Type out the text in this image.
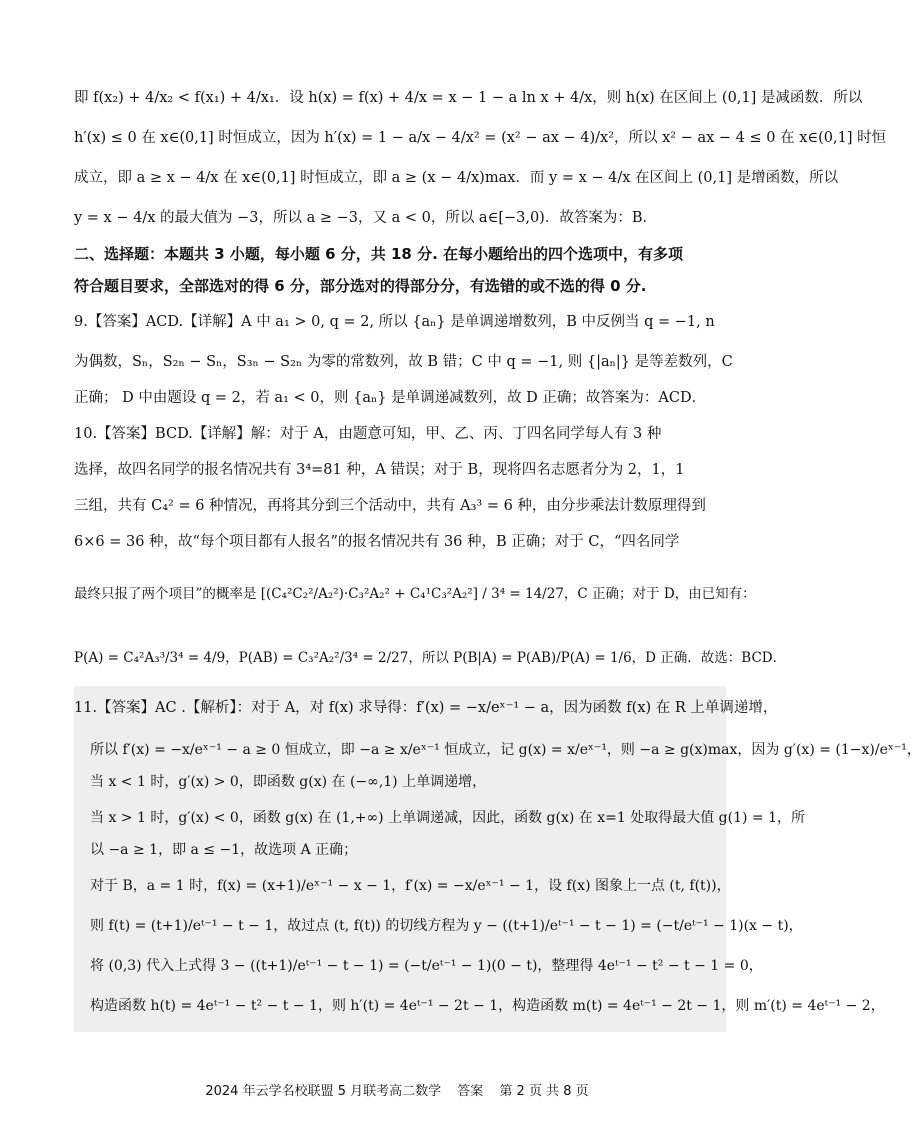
即 f(x₂) + 4/x₂ < f(x₁) + 4/x₁．设 h(x) = f(x) + 4/x = x − 1 − a ln x + 4/x，则 h(x) 在区间上 (0,1] 是减函数．所以
h′(x) ≤ 0 在 x∈(0,1] 时恒成立，因为 h′(x) = 1 − a/x − 4/x² = (x² − ax − 4)/x²，所以 x² − ax − 4 ≤ 0 在 x∈(0,1] 时恒
成立，即 a ≥ x − 4/x 在 x∈(0,1] 时恒成立，即 a ≥ (x − 4/x)max．而 y = x − 4/x 在区间上 (0,1] 是增函数，所以
y = x − 4/x 的最大值为 −3，所以 a ≥ −3，又 a < 0，所以 a∈[−3,0)．故答案为：B．
二、选择题：本题共 3 小题，每小题 6 分，共 18 分. 在每小题给出的四个选项中，有多项
符合题目要求，全部选对的得 6 分，部分选对的得部分分，有选错的或不选的得 0 分.
9.【答案】ACD.【详解】A 中 a₁ > 0, q = 2, 所以 {aₙ} 是单调递增数列，B 中反例当 q = −1, n
为偶数，Sₙ，S₂ₙ − Sₙ，S₃ₙ − S₂ₙ 为零的常数列，故 B 错；C 中 q = −1, 则 {|aₙ|} 是等差数列，C
正确； D 中由题设 q = 2，若 a₁ < 0，则 {aₙ} 是单调递减数列，故 D 正确；故答案为：ACD．
10.【答案】BCD.【详解】解：对于 A，由题意可知，甲、乙、丙、丁四名同学每人有 3 种
选择，故四名同学的报名情况共有 3⁴=81 种，A 错误；对于 B，现将四名志愿者分为 2，1，1
三组，共有 C₄² = 6 种情况，再将其分到三个活动中，共有 A₃³ = 6 种，由分步乘法计数原理得到
6×6 = 36 种，故“每个项目都有人报名”的报名情况共有 36 种，B 正确；对于 C，“四名同学
最终只报了两个项目”的概率是 [(C₄²C₂²/A₂²)·C₃²A₂² + C₄¹C₃²A₂²] / 3⁴ = 14/27，C 正确；对于 D，由已知有：
P(A) = C₄²A₃³/3⁴ = 4/9，P(AB) = C₃²A₂²/3⁴ = 2/27，所以 P(B|A) = P(AB)/P(A) = 1/6，D 正确．故选：BCD．
11.【答案】AC .【解析】：对于 A，对 f(x) 求导得：f′(x) = −x/eˣ⁻¹ − a，因为函数 f(x) 在 R 上单调递增，
所以 f′(x) = −x/eˣ⁻¹ − a ≥ 0 恒成立，即 −a ≥ x/eˣ⁻¹ 恒成立，记 g(x) = x/eˣ⁻¹，则 −a ≥ g(x)max，因为 g′(x) = (1−x)/eˣ⁻¹，
当 x < 1 时，g′(x) > 0，即函数 g(x) 在 (−∞,1) 上单调递增，
当 x > 1 时，g′(x) < 0，函数 g(x) 在 (1,+∞) 上单调递减，因此，函数 g(x) 在 x=1 处取得最大值 g(1) = 1，所
以 −a ≥ 1，即 a ≤ −1，故选项 A 正确；
对于 B，a = 1 时，f(x) = (x+1)/eˣ⁻¹ − x − 1，f′(x) = −x/eˣ⁻¹ − 1，设 f(x) 图象上一点 (t, f(t))，
则 f(t) = (t+1)/eᵗ⁻¹ − t − 1，故过点 (t, f(t)) 的切线方程为 y − ((t+1)/eᵗ⁻¹ − t − 1) = (−t/eᵗ⁻¹ − 1)(x − t)，
将 (0,3) 代入上式得 3 − ((t+1)/eᵗ⁻¹ − t − 1) = (−t/eᵗ⁻¹ − 1)(0 − t)，整理得 4eᵗ⁻¹ − t² − t − 1 = 0，
构造函数 h(t) = 4eᵗ⁻¹ − t² − t − 1，则 h′(t) = 4eᵗ⁻¹ − 2t − 1，构造函数 m(t) = 4eᵗ⁻¹ − 2t − 1，则 m′(t) = 4eᵗ⁻¹ − 2，
2024 年云学名校联盟 5 月联考高二数学 答案 第 2 页 共 8 页
